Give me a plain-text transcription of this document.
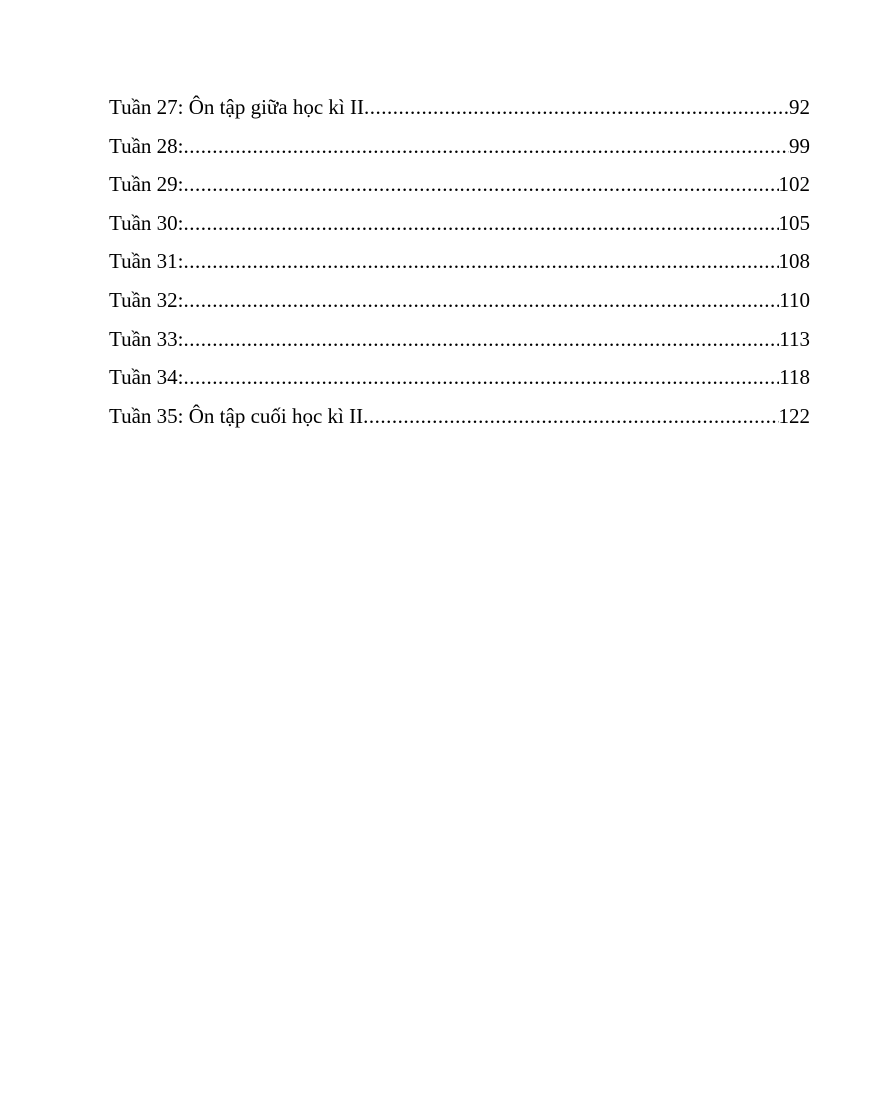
Tuần 27: Ôn tập giữa học kì II .....	92
Tuần 28: .....	99
Tuần 29: .....	102
Tuần 30: .....	105
Tuần 31: .....	108
Tuần 32: .....	110
Tuần 33: .....	113
Tuần 34: .....	118
Tuần 35: Ôn tập cuối học kì II .....	122
